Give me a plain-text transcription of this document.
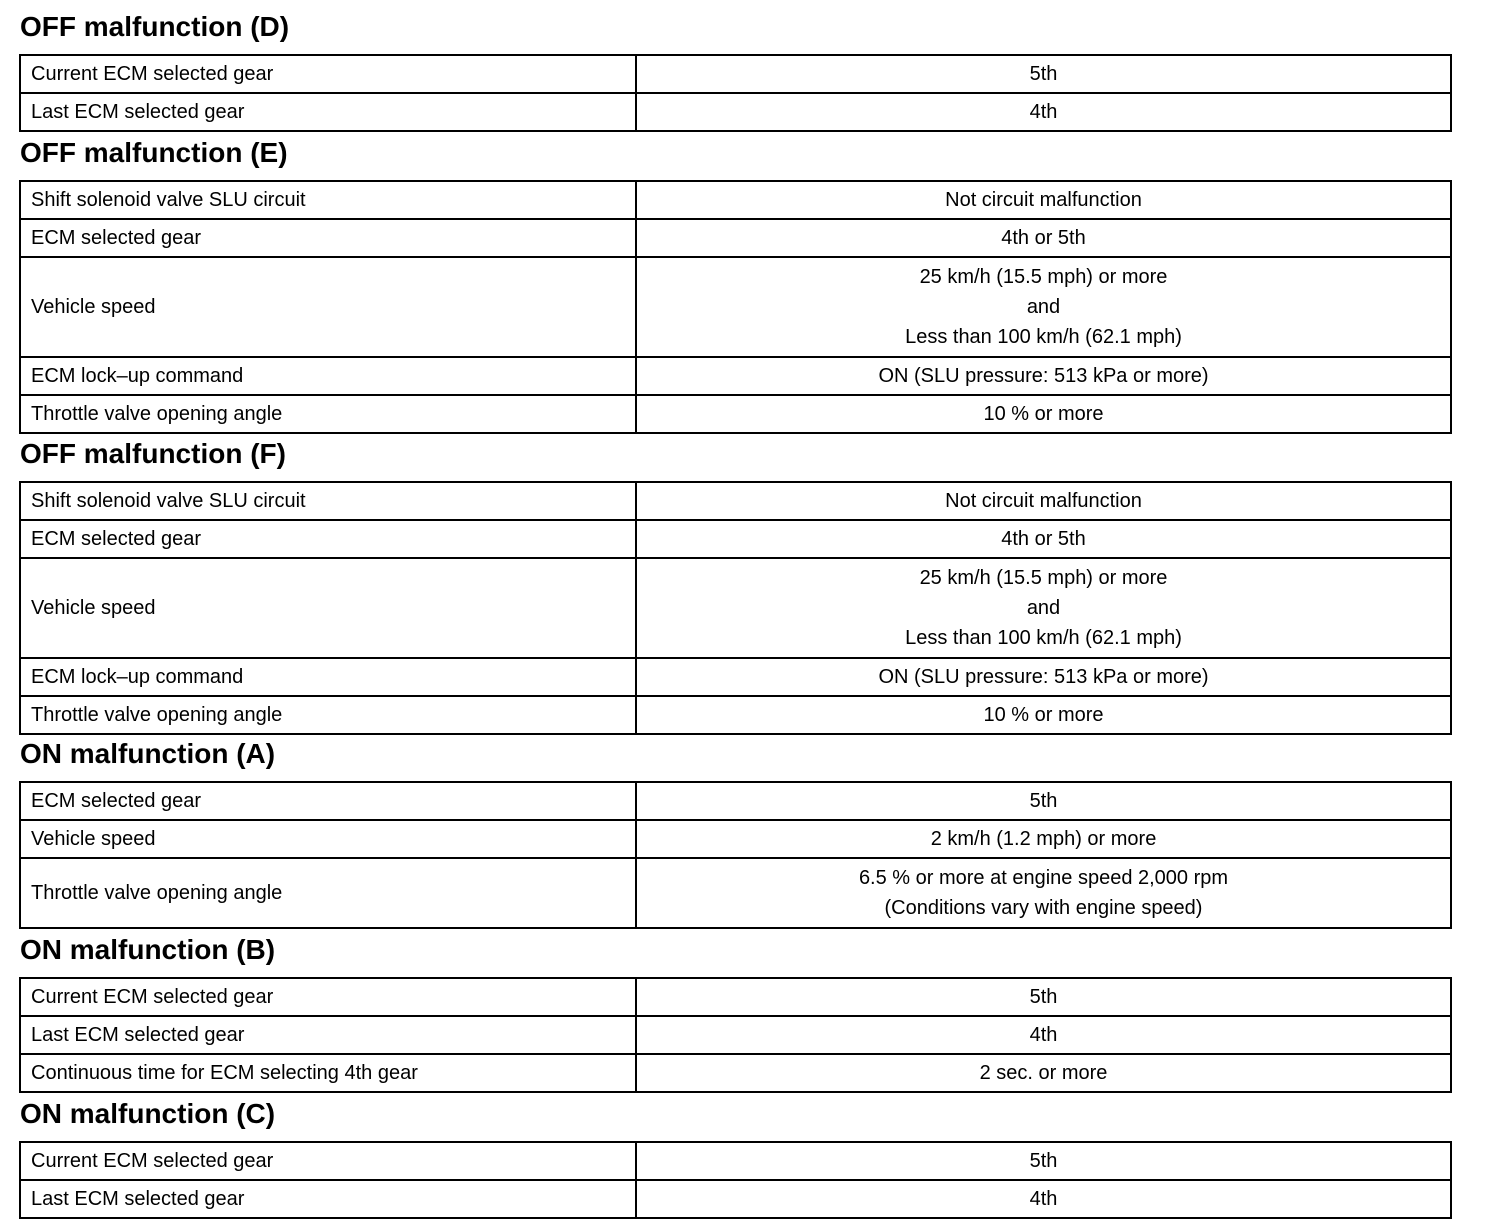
OFF malfunction (D)
Current ECM selected gear	5th

Last ECM selected gear	4th
OFF malfunction (E)
Shift solenoid valve SLU circuit	Not circuit malfunction

ECM selected gear	4th or 5th

Vehicle speed	25 km/h (15.5 mph) or more
and
Less than 100 km/h (62.1 mph)

ECM lock–up command	ON (SLU pressure: 513 kPa or more)

Throttle valve opening angle	10 % or more
OFF malfunction (F)
Shift solenoid valve SLU circuit	Not circuit malfunction

ECM selected gear	4th or 5th

Vehicle speed	25 km/h (15.5 mph) or more
and
Less than 100 km/h (62.1 mph)

ECM lock–up command	ON (SLU pressure: 513 kPa or more)

Throttle valve opening angle	10 % or more
ON malfunction (A)
ECM selected gear	5th

Vehicle speed	2 km/h (1.2 mph) or more

Throttle valve opening angle	6.5 % or more at engine speed 2,000 rpm
(Conditions vary with engine speed)
ON malfunction (B)
Current ECM selected gear	5th

Last ECM selected gear	4th

Continuous time for ECM selecting 4th gear	2 sec. or more
ON malfunction (C)
Current ECM selected gear	5th

Last ECM selected gear	4th
